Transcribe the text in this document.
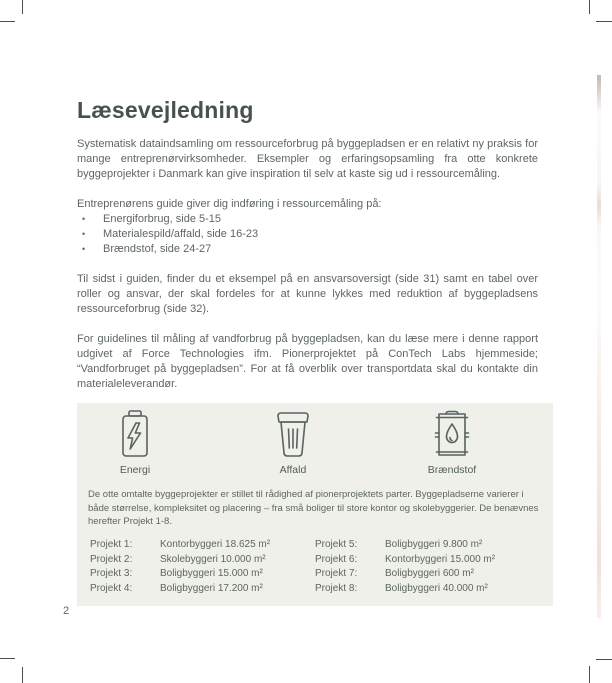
Læsevejledning

Systematisk dataindsamling om ressourceforbrug på byggepladsen er en relativt ny praksis for mange entreprenørvirksomheder. Eksempler og erfaringsopsamling fra otte konkrete byggeprojekter i Danmark kan give inspiration til selv at kaste sig ud i ressourcemåling.

Entreprenørens guide giver dig indføring i ressourcemåling på:

• Energiforbrug, side 5-15
• Materialespild/affald, side 16-23
• Brændstof, side 24-27

Til sidst i guiden, finder du et eksempel på en ansvarsoversigt (side 31) samt en tabel over roller og ansvar, der skal fordeles for at kunne lykkes med reduktion af byggepladsens ressourceforbrug (side 32).

For guidelines til måling af vandforbrug på byggepladsen, kan du læse mere i denne rapport udgivet af Force Technologies ifm. Pionerprojektet på ConTech Labs hjemmeside; “Vandforbruget på byggepladsen”. For at få overblik over transportdata skal du kontakte din materialeleverandør.

Energi	Affald	Brændstof
De otte omtalte byggeprojekter er stillet til rådighed af pionerprojektets parter. Byggepladserne varierer i både størrelse, kompleksitet og placering – fra små boliger til store kontor og skolebyggerier. De benævnes herefter Projekt 1-8.
Projekt 1:	Kontorbyggeri 18.625 m²
Projekt 2:	Skolebyggeri 10.000 m²
Projekt 3:	Boligbyggeri 15.000 m²
Projekt 4:	Boligbyggeri 17.200 m²
Projekt 5:	Boligbyggeri 9.800 m²
Projekt 6:	Kontorbyggeri 15.000 m²
Projekt 7:	Boligbyggeri 600 m²
Projekt 8:	Boligbyggeri 40.000 m²
2
